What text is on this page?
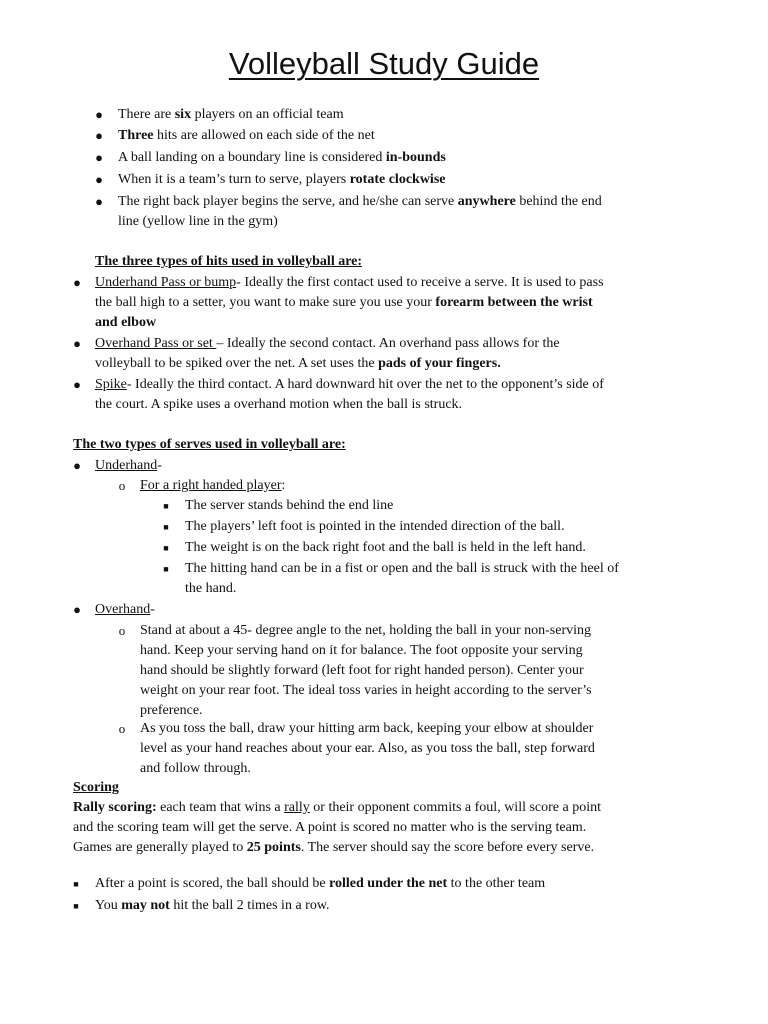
Volleyball Study Guide
● There are six players on an official team
● Three hits are allowed on each side of the net
● A ball landing on a boundary line is considered in-bounds
● When it is a team’s turn to serve, players rotate clockwise
● The right back player begins the serve, and he/she can serve anywhere behind the end
line (yellow line in the gym)
The three types of hits used in volleyball are:
● Underhand Pass or bump- Ideally the first contact used to receive a serve. It is used to pass
the ball high to a setter, you want to make sure you use your forearm between the wrist
and elbow
● Overhand Pass or set – Ideally the second contact. An overhand pass allows for the
volleyball to be spiked over the net. A set uses the pads of your fingers.
● Spike- Ideally the third contact. A hard downward hit over the net to the opponent’s side of
the court. A spike uses a overhand motion when the ball is struck.
The two types of serves used in volleyball are:
● Underhand-
o For a right handed player:
■ The server stands behind the end line
■ The players’ left foot is pointed in the intended direction of the ball.
■ The weight is on the back right foot and the ball is held in the left hand.
■ The hitting hand can be in a fist or open and the ball is struck with the heel of
the hand.
● Overhand-
o Stand at about a 45- degree angle to the net, holding the ball in your non-serving
hand. Keep your serving hand on it for balance. The foot opposite your serving
hand should be slightly forward (left foot for right handed person). Center your
weight on your rear foot. The ideal toss varies in height according to the server’s
preference.
o As you toss the ball, draw your hitting arm back, keeping your elbow at shoulder
level as your hand reaches about your ear. Also, as you toss the ball, step forward
and follow through.
Scoring
Rally scoring: each team that wins a rally or their opponent commits a foul, will score a point
and the scoring team will get the serve. A point is scored no matter who is the serving team.
Games are generally played to 25 points. The server should say the score before every serve.
■ After a point is scored, the ball should be rolled under the net to the other team
■ You may not hit the ball 2 times in a row.
